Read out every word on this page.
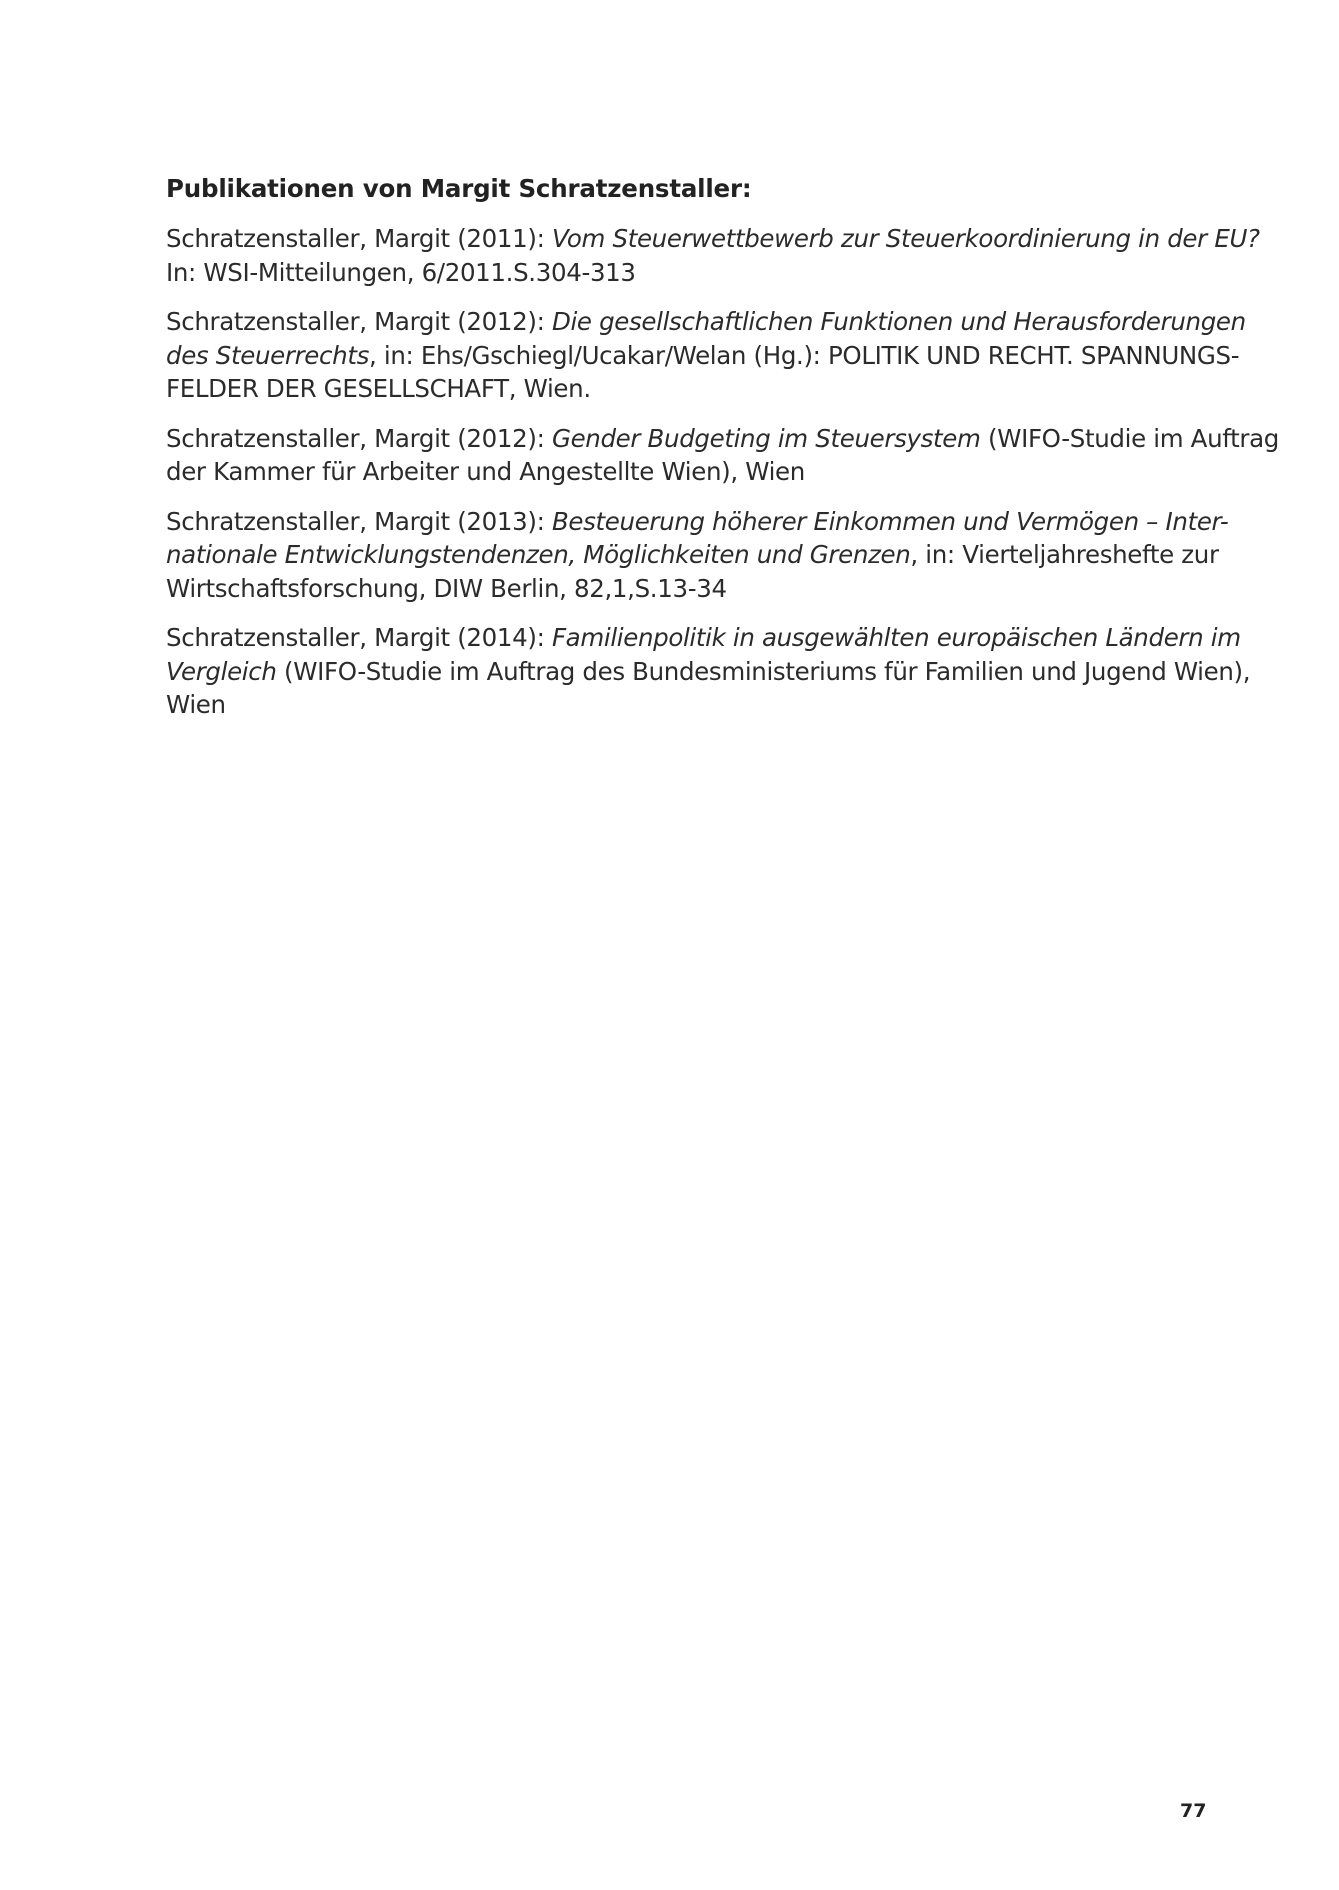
Publikationen von Margit Schratzenstaller:
Schratzenstaller, Margit (2011): Vom Steuerwettbewerb zur Steuerkoordinierung in der EU?
In: WSI-Mitteilungen, 6/2011.S.304-313
Schratzenstaller, Margit (2012): Die gesellschaftlichen Funktionen und Herausforderungen
des Steuerrechts, in: Ehs/Gschiegl/Ucakar/Welan (Hg.): POLITIK UND RECHT. SPANNUNGS-
FELDER DER GESELLSCHAFT, Wien.
Schratzenstaller, Margit (2012): Gender Budgeting im Steuersystem (WIFO-Studie im Auftrag
der Kammer für Arbeiter und Angestellte Wien), Wien
Schratzenstaller, Margit (2013): Besteuerung höherer Einkommen und Vermögen – Inter-
nationale Entwicklungstendenzen, Möglichkeiten und Grenzen, in: Vierteljahreshefte zur
Wirtschaftsforschung, DIW Berlin, 82,1,S.13-34
Schratzenstaller, Margit (2014): Familienpolitik in ausgewählten europäischen Ländern im
Vergleich (WIFO-Studie im Auftrag des Bundesministeriums für Familien und Jugend Wien),
Wien
77
